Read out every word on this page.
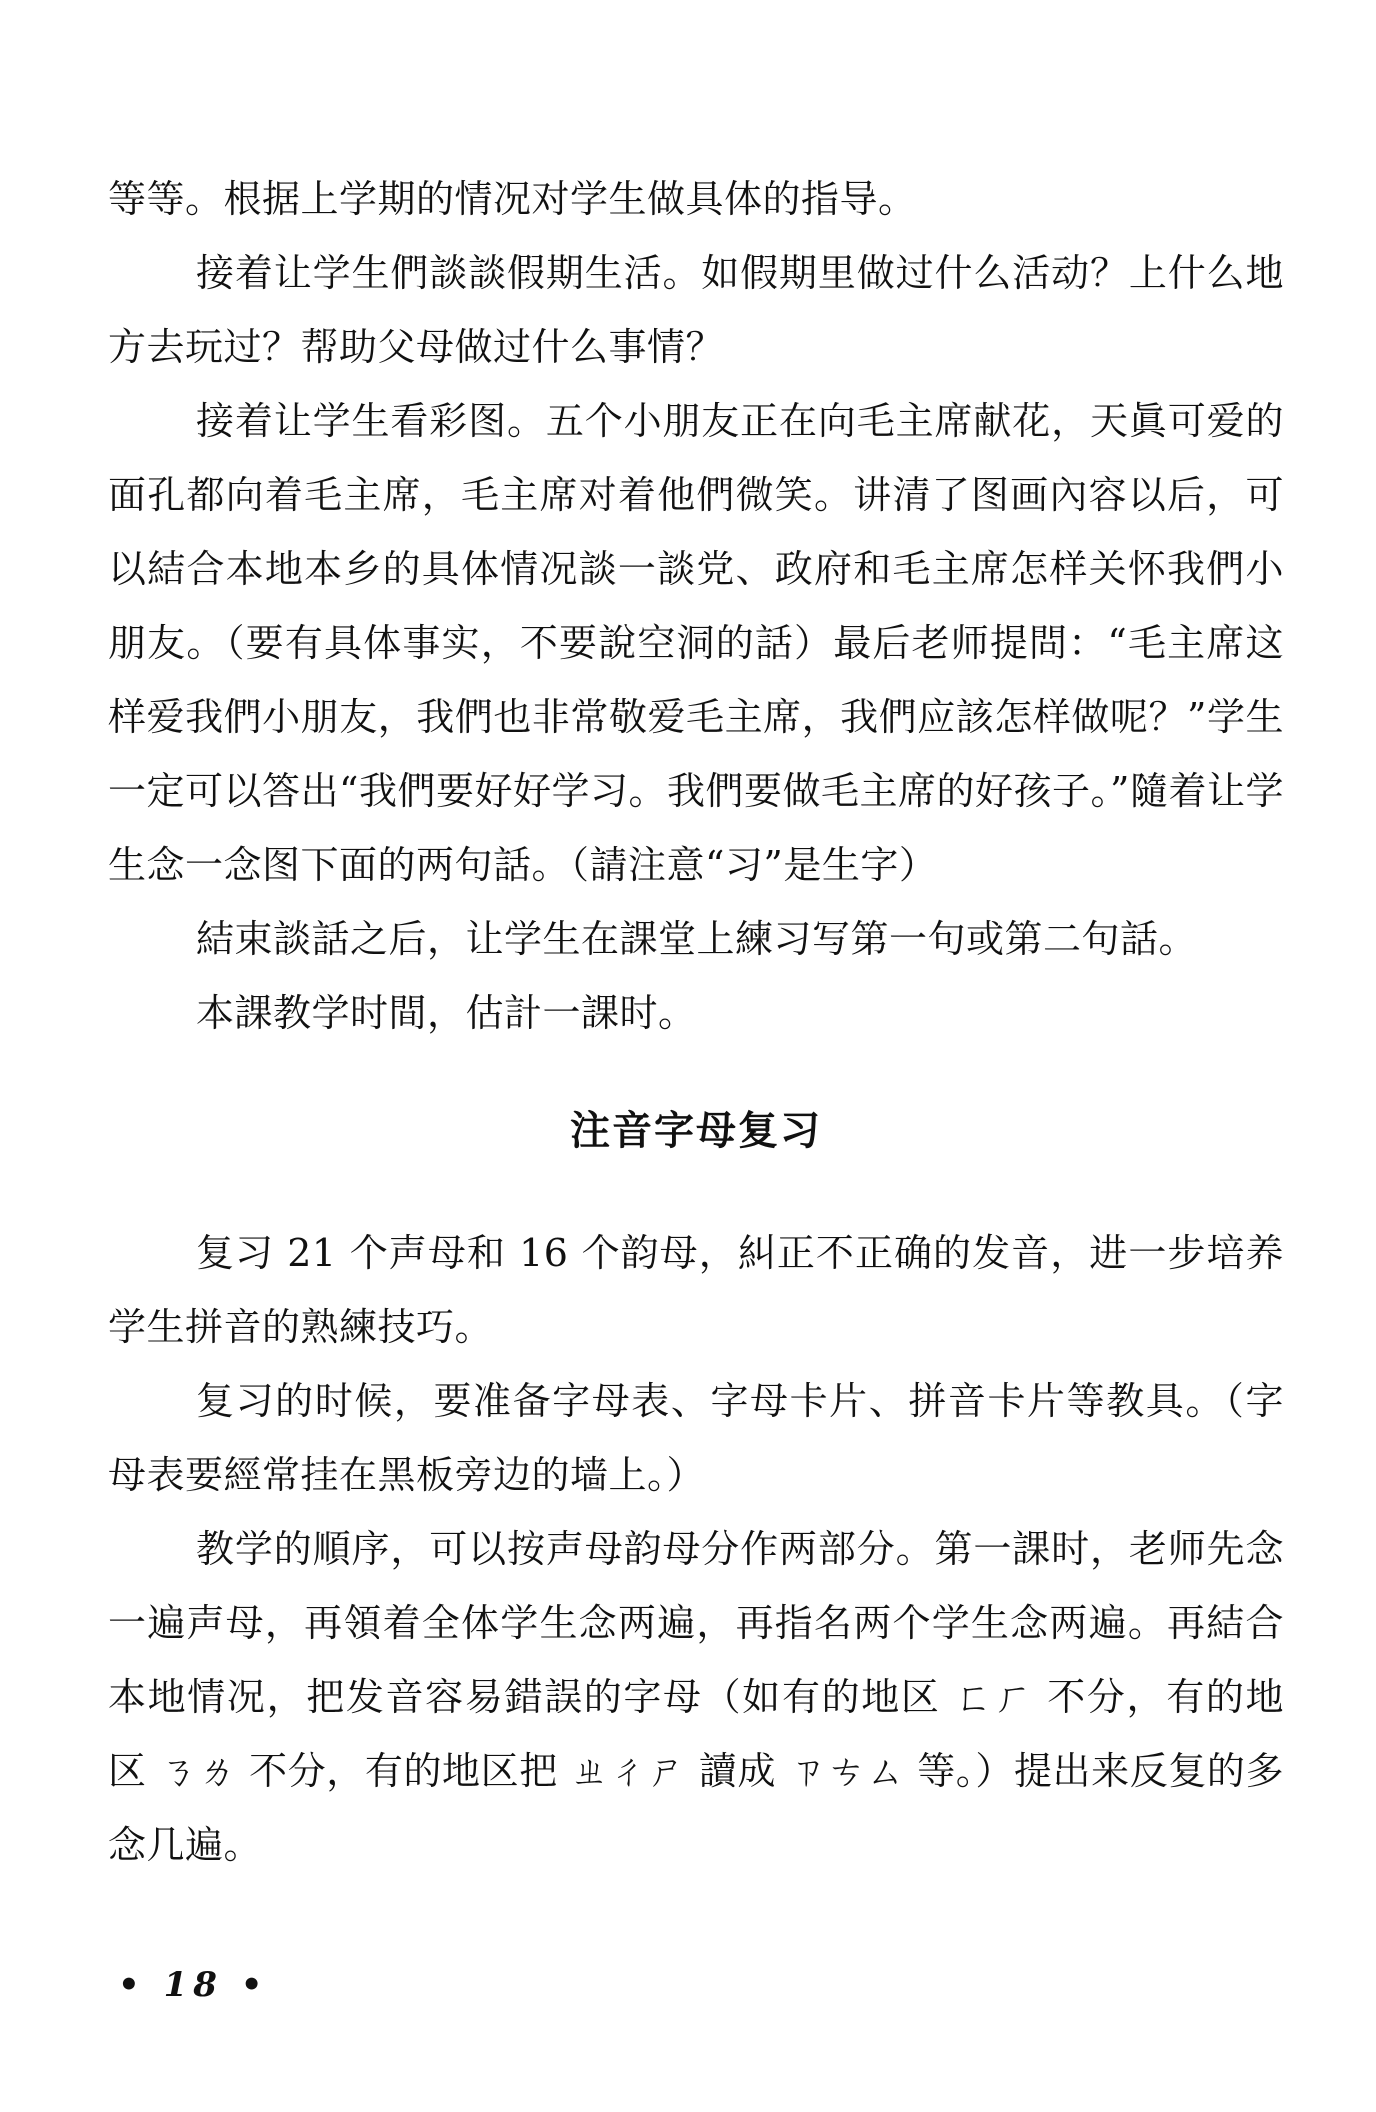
等等。根据上学期的情况对学生做具体的指导。

接着让学生們談談假期生活。如假期里做过什么活动？上什么地方去玩过？帮助父母做过什么事情？

接着让学生看彩图。五个小朋友正在向毛主席献花，天眞可爱的面孔都向着毛主席，毛主席对着他們微笑。讲清了图画內容以后，可以結合本地本乡的具体情况談一談党、政府和毛主席怎样关怀我們小朋友。（要有具体事实，不要說空洞的話）最后老师提問：“毛主席这样爱我們小朋友，我們也非常敬爱毛主席，我們应該怎样做呢？”学生一定可以答出“我們要好好学习。我們要做毛主席的好孩子。”隨着让学生念一念图下面的两句話。（請注意“习”是生字）

結束談話之后，让学生在課堂上練习写第一句或第二句話。

本課教学时間，估計一課时。

注音字母复习

复习 21 个声母和 16 个韵母，糾正不正确的发音，进一步培养学生拼音的熟練技巧。

复习的时候，要准备字母表、字母卡片、拼音卡片等教具。（字母表要經常挂在黑板旁边的墙上。）

教学的順序，可以按声母韵母分作两部分。第一課时，老师先念一遍声母，再領着全体学生念两遍，再指名两个学生念两遍。再結合本地情况，把发音容易錯誤的字母（如有的地区 ㄈㄏ 不分，有的地区 ㄋㄌ 不分，有的地区把 ㄓㄔㄕ 讀成 ㄗㄘㄙ 等。）提出来反复的多念几遍。

• 18 •
